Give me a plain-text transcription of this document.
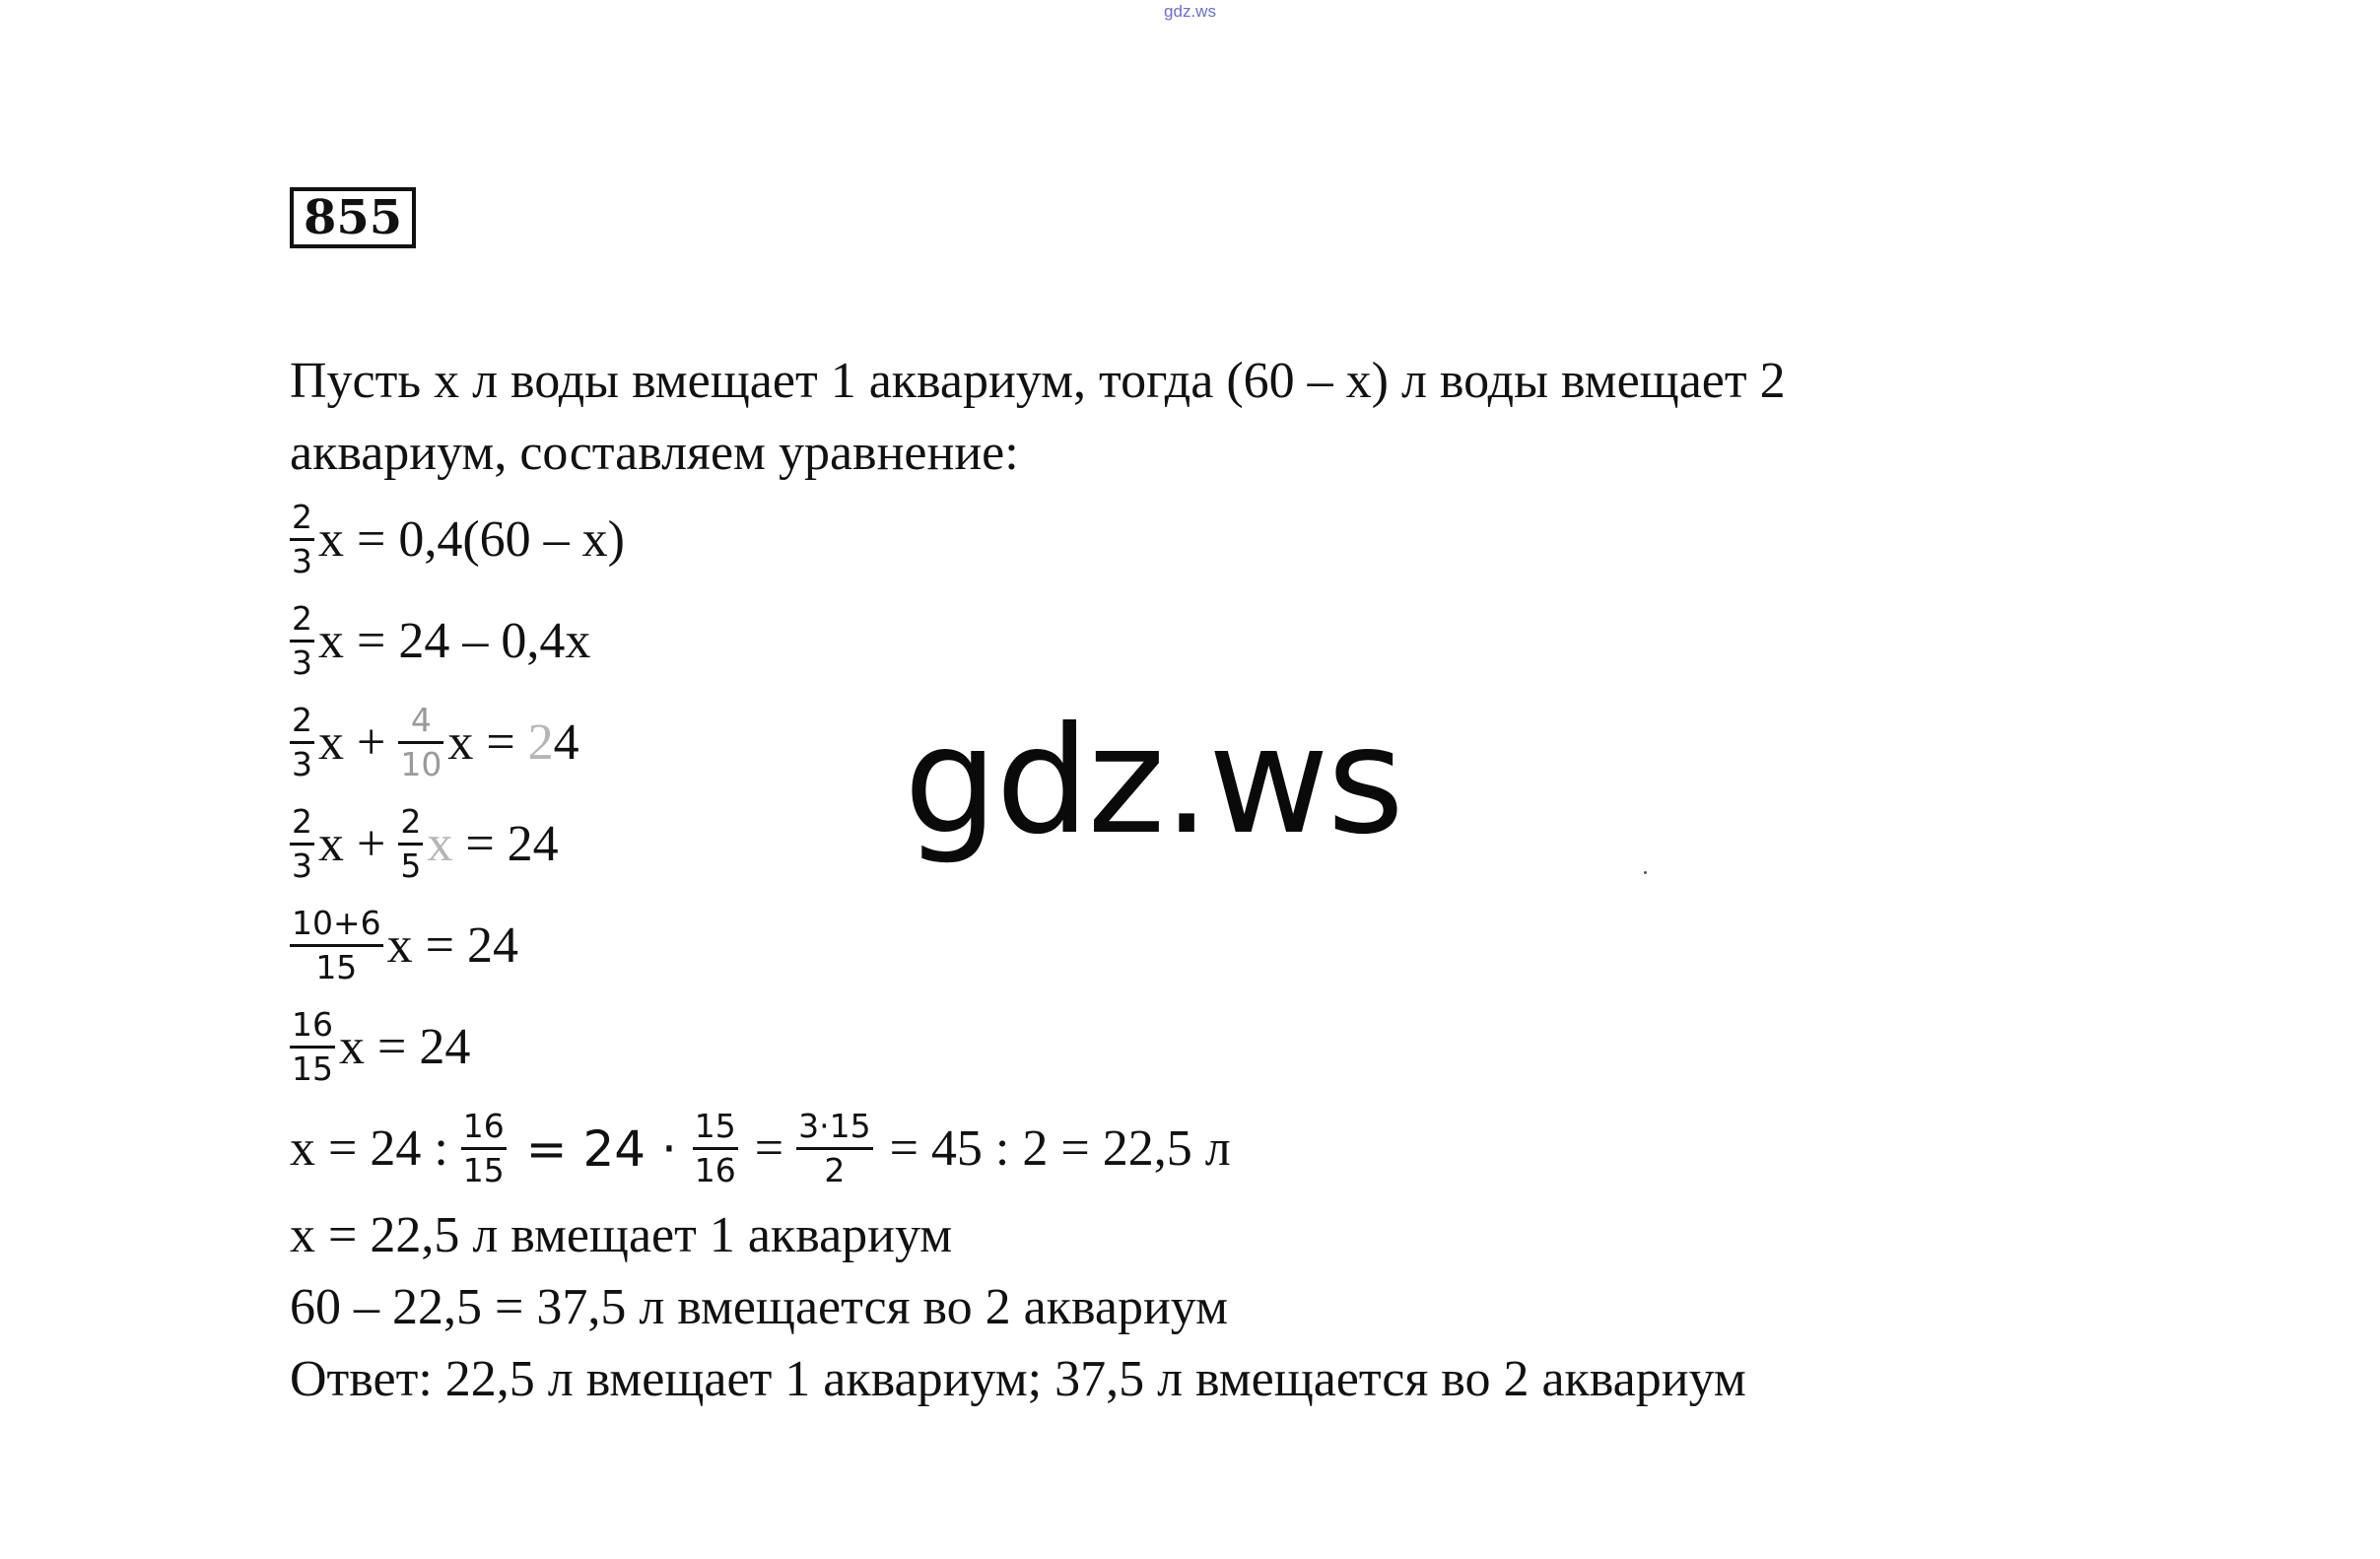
gdz.ws
855
Пусть х л воды вмещает 1 аквариум, тогда (60 – х) л воды вмещает 2
аквариум, составляем уравнение:
$\frac{2}{3}$ х = 0,4(60 – х)
$\frac{2}{3}$ х = 24 – 0,4х
$\frac{2}{3}$ $х + \frac{4}{10}$ х = 2 4
$\frac{2}{3}$ $х + \frac{2}{5}$ х = 24
$\frac{10+6}{15}$ х = 24
$\frac{16}{15}$ х = 24
х = 24 : $\frac{16}{15} = 24 \cdot \frac{15}{16} = \frac{3\cdot 15}{2} = 45$ : 2 = 22,5 л
х = 22,5 л вмещает 1 аквариум
60 – 22,5 = 37,5 л вмещается во 2 аквариум
Ответ: 22,5 л вмещает 1 аквариум; 37,5 л вмещается во 2 аквариум
gdz.ws
